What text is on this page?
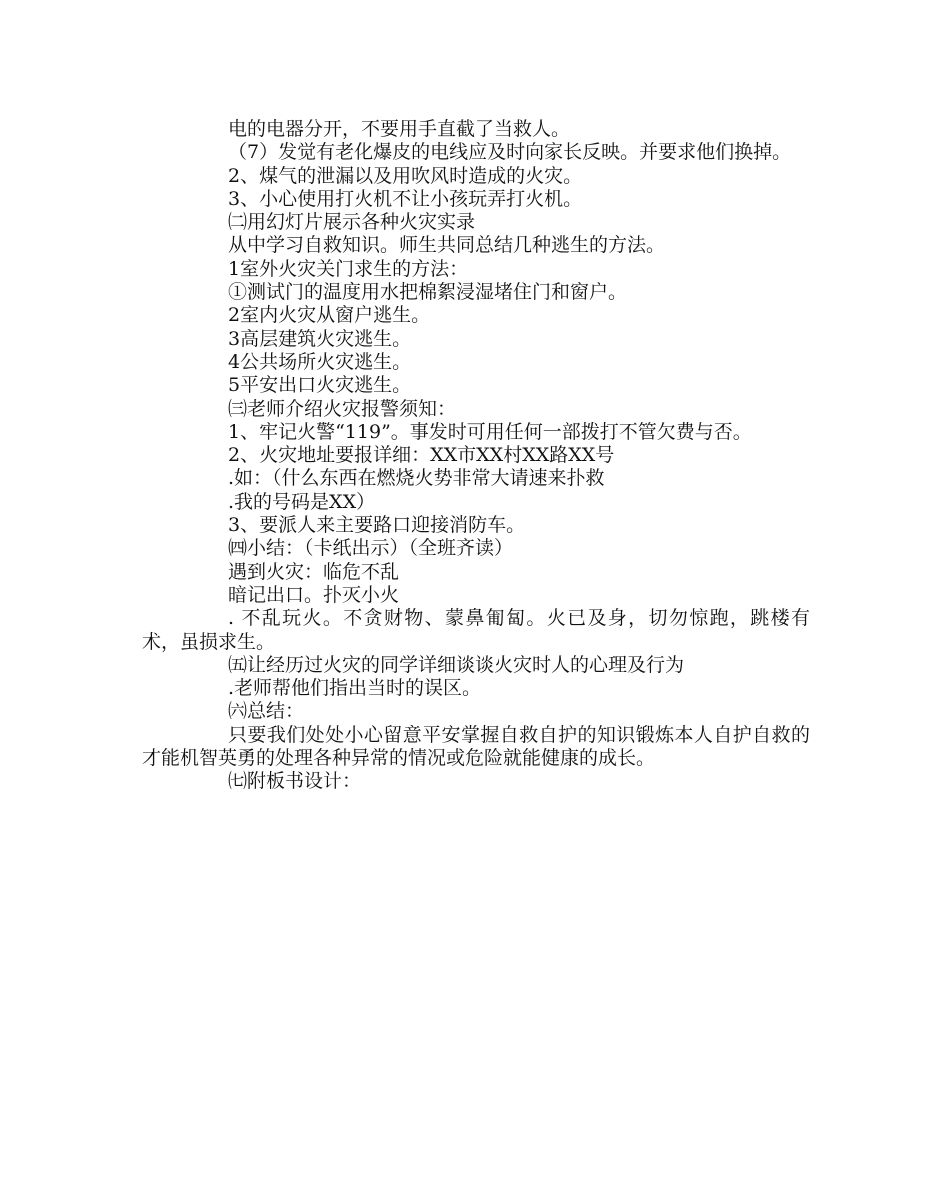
电的电器分开，不要用手直截了当救人。

（7）发觉有老化爆皮的电线应及时向家长反映。并要求他们换掉。

2、煤气的泄漏以及用吹风时造成的火灾。

3、小心使用打火机不让小孩玩弄打火机。

㈡用幻灯片展示各种火灾实录

从中学习自救知识。师生共同总结几种逃生的方法。

1室外火灾关门求生的方法：

①测试门的温度用水把棉絮浸湿堵住门和窗户。

2室内火灾从窗户逃生。

3高层建筑火灾逃生。

4公共场所火灾逃生。

5平安出口火灾逃生。

㈢老师介绍火灾报警须知：

1、牢记火警“119”。事发时可用任何一部拨打不管欠费与否。

2、火灾地址要报详细：XX市XX村XX路XX号

.如：（什么东西在燃烧火势非常大请速来扑救

.我的号码是XX）

3、要派人来主要路口迎接消防车。

㈣小结：（卡纸出示）（全班齐读）

遇到火灾：临危不乱

暗记出口。扑灭小火

. 不乱玩火。不贪财物、蒙鼻匍匐。火已及身，切勿惊跑，跳楼有术，虽损求生。

㈤让经历过火灾的同学详细谈谈火灾时人的心理及行为

.老师帮他们指出当时的误区。

㈥总结：

只要我们处处小心留意平安掌握自救自护的知识锻炼本人自护自救的才能机智英勇的处理各种异常的情况或危险就能健康的成长。

㈦附板书设计：
